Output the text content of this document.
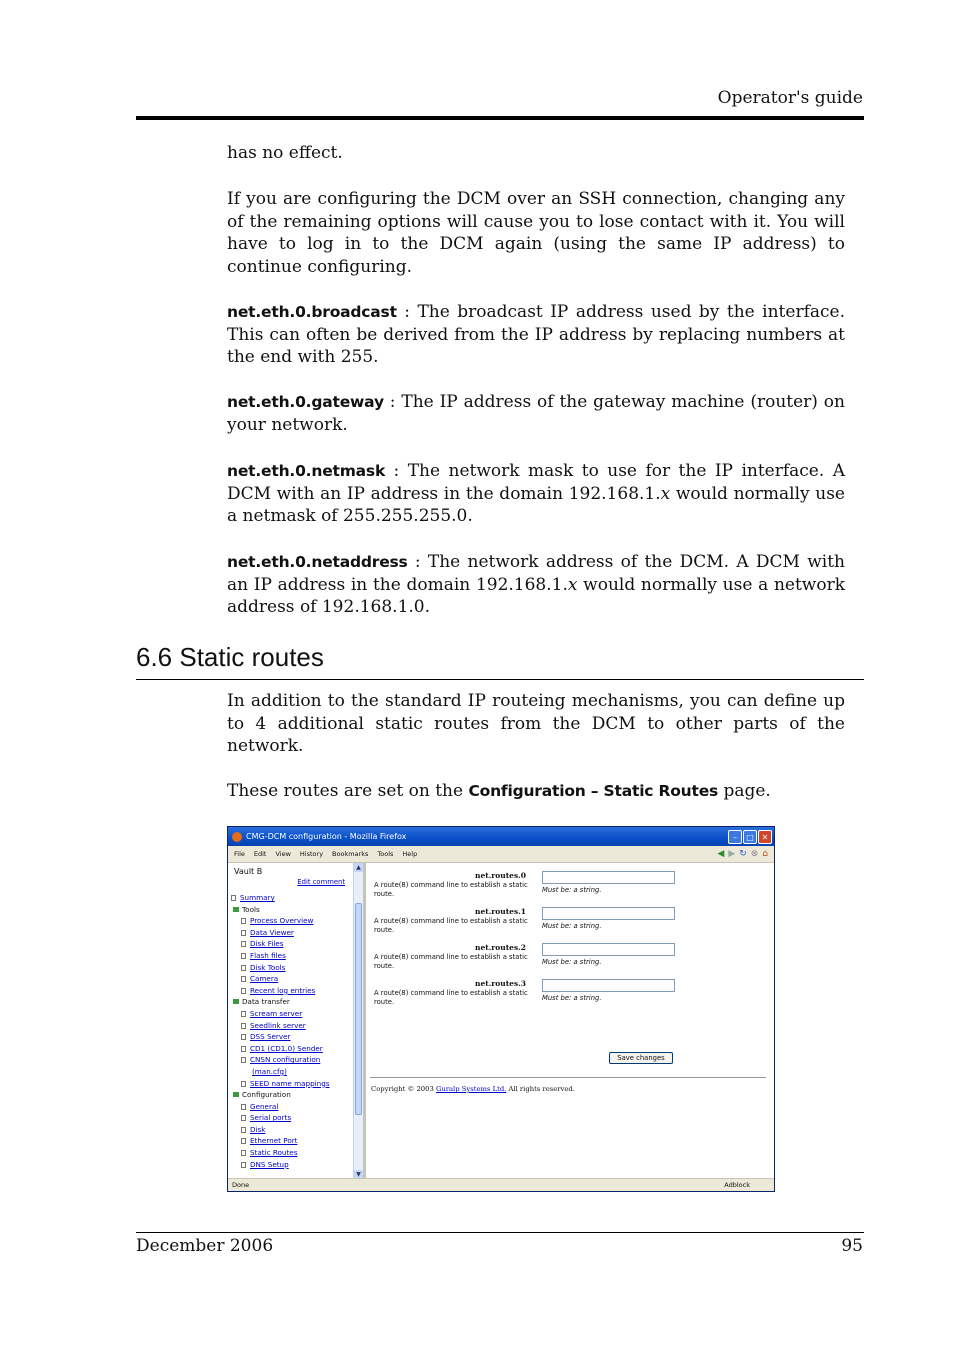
Operator's guide
has no effect.
If you are configuring the DCM over an SSH connection, changing any of the remaining options will cause you to lose contact with it. You will have to log in to the DCM again (using the same IP address) to continue configuring.
net.eth.0.broadcast : The broadcast IP address used by the interface. This can often be derived from the IP address by replacing numbers at the end with 255.
net.eth.0.gateway : The IP address of the gateway machine (router) on your network.
net.eth.0.netmask : The network mask to use for the IP interface. A DCM with an IP address in the domain 192.168.1.x would normally use a netmask of 255.255.255.0.
net.eth.0.netaddress : The network address of the DCM. A DCM with an IP address in the domain 192.168.1.x would normally use a network address of 192.168.1.0.
6.6 Static routes
In addition to the standard IP routeing mechanisms, you can define up to 4 additional static routes from the DCM to other parts of the network.
These routes are set on the Configuration – Static Routes page.
CMG-DCM configuration - Mozilla Firefox	–	□ ✕
File Edit View History Bookmarks Tools Help	◀ ▶ ↻ ⊗ ⌂
Vault B
Edit comment
Summary
Tools
Process Overview
Data Viewer
Disk Files
Flash files
Disk Tools
Camera
Recent log entries
Data transfer
Scream server
Seedlink server
DSS Server
CD1 (CD1.0) Sender
CNSN configuration
(man.cfg)
SEED name mappings
Configuration
General
Serial ports
Disk
Ethernet Port
Static Routes
DNS Setup
▲
▼
net.routes.0
A route(8) command line to establish a static route.	Must be: a string.
net.routes.1
A route(8) command line to establish a static route.	Must be: a string.
net.routes.2
A route(8) command line to establish a static route.	Must be: a string.
net.routes.3
A route(8) command line to establish a static route.	Must be: a string.
Save changes
Copyright © 2003 Guralp Systems Ltd. All rights reserved.
Done	Adblock
December 2006	95
